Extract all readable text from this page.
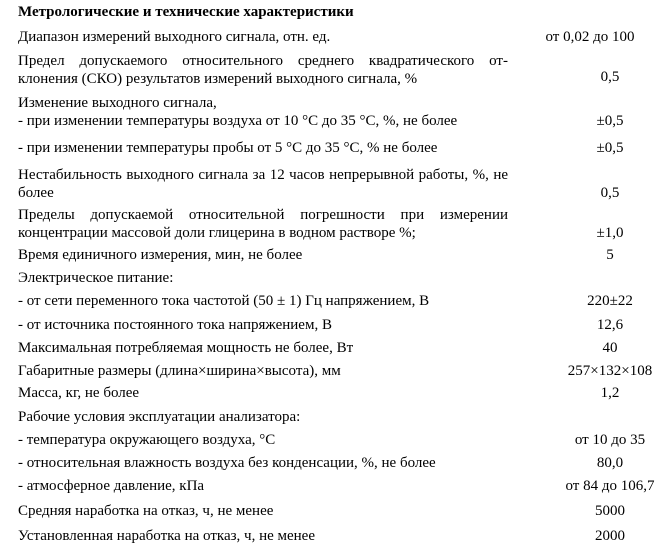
Метрологические и технические характеристики
Диапазон измерений выходного сигнала, отн. ед.	от 0,02 до 100
Предел допускаемого относительного среднего квадратического от- клонения (СКО) результатов измерений выходного сигнала, %	0,5
Изменение выходного сигнала,
- при изменении температуры воздуха от 10 °С до 35 °С, %, не более	±0,5
- при изменении температуры пробы от 5 °С до 35 °С, % не более	±0,5
Нестабильность выходного сигнала за 12 часов непрерывной работы, %, не более	0,5
Пределы допускаемой относительной погрешности при измерении концентрации массовой доли глицерина в водном растворе %;	±1,0
Время единичного измерения, мин, не более	5
Электрическое питание:
- от сети переменного тока частотой (50 ± 1) Гц напряжением, В	220±22
- от источника постоянного тока напряжением, В	12,6
Максимальная потребляемая мощность не более, Вт	40
Габаритные размеры (длина×ширина×высота), мм	257×132×108
Масса, кг, не более	1,2
Рабочие условия эксплуатации анализатора:
- температура окружающего воздуха, °С	от 10 до 35
- относительная влажность воздуха без конденсации, %, не более	80,0
- атмосферное давление, кПа	от 84 до 106,7
Средняя наработка на отказ, ч, не менее	5000
Установленная наработка на отказ, ч, не менее	2000
